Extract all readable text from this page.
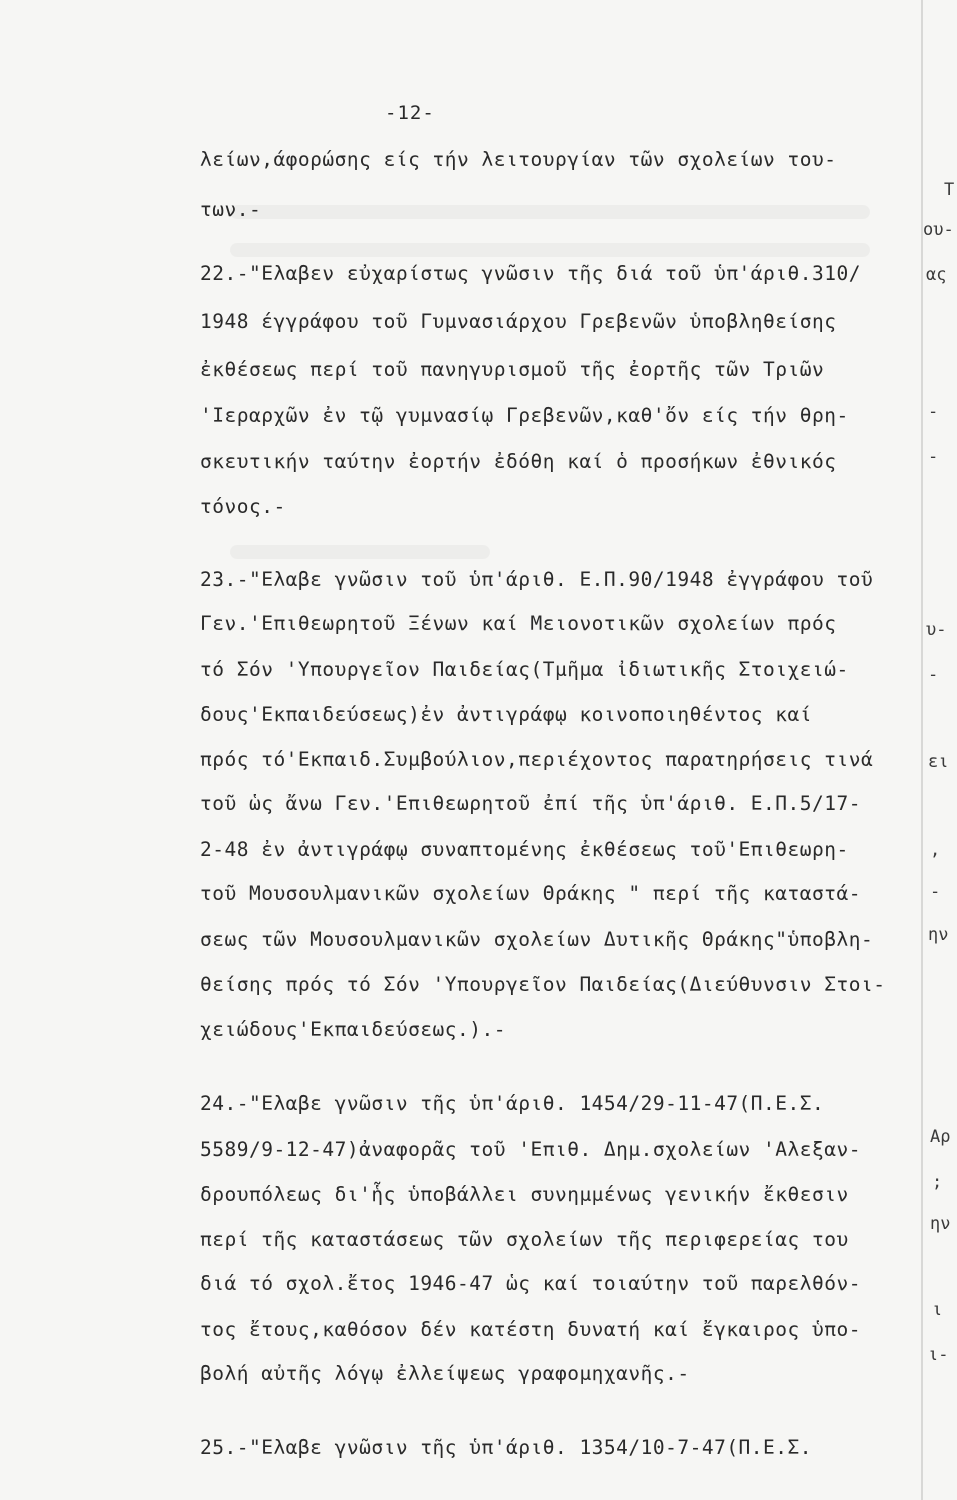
-12-
λείων,άφορώσης είς τήν λειτουργίαν τῶν σχολείων του-
των.-
22.-"Ελαβεν εὐχαρίστως γνῶσιν τῆς διά τοῦ ὑπ'άριθ.310/
1948 έγγράφου τοῦ Γυμνασιάρχου Γρεβενῶν ὑποβληθείσης
ἐκθέσεως περί τοῦ πανηγυρισμοῦ τῆς ἐορτῆς τῶν Τριῶν
'Ιεραρχῶν ἐν τῷ γυμνασίῳ Γρεβενῶν,καθ'ὄν είς τήν θρη-
σκευτικήν ταύτην ἐορτήν ἐδόθη καί ὁ προσήκων ἐθνικός
τόνος.-
23.-"Ελαβε γνῶσιν τοῦ ὑπ'άριθ. Ε.Π.90/1948 ἐγγράφου τοῦ
Γεν.'Επιθεωρητοῦ Ξένων καί Μειονοτικῶν σχολείων πρός
τό Σόν 'Υπουργεῖον Παιδείας(Τμῆμα ἰδιωτικῆς Στοιχειώ-
δους'Εκπαιδεύσεως)ἐν ἀντιγράφῳ κοινοποιηθέντος καί
πρός τό'Εκπαιδ.Συμβούλιον,περιέχοντος παρατηρήσεις τινά
τοῦ ὡς ἄνω Γεν.'Επιθεωρητοῦ ἐπί τῆς ὑπ'άριθ. Ε.Π.5/17-
2-48 ἐν ἀντιγράφῳ συναπτομένης ἐκθέσεως τοῦ'Επιθεωρη-
τοῦ Μουσουλμανικῶν σχολείων Θράκης " περί τῆς καταστά-
σεως τῶν Μουσουλμανικῶν σχολείων Δυτικῆς Θράκης"ὑποβλη-
θείσης πρός τό Σόν 'Υπουργεῖον Παιδείας(Διεύθυνσιν Στοι-
χειώδους'Εκπαιδεύσεως.).-
24.-"Ελαβε γνῶσιν τῆς ὑπ'άριθ. 1454/29-11-47(Π.Ε.Σ.
5589/9-12-47)ἀναφορᾶς τοῦ 'Επιθ. Δημ.σχολείων 'Αλεξαν-
δρουπόλεως δι'ἧς ὑποβάλλει συνημμένως γενικήν ἔκθεσιν
περί τῆς καταστάσεως τῶν σχολείων τῆς περιφερείας του
διά τό σχολ.ἔτος 1946-47 ὡς καί τοιαύτην τοῦ παρελθόν-
τος ἔτους,καθόσον δέν κατέστη δυνατή καί ἔγκαιρος ὑπο-
βολή αὐτῆς λόγῳ ἐλλείψεως γραφομηχανῆς.-
25.-"Ελαβε γνῶσιν τῆς ὑπ'άριθ. 1354/10-7-47(Π.Ε.Σ.
Τ
ου-
ας
-
-
υ-
-
ει
,
-
ην
Αρ
;
ην
ι
ι-
